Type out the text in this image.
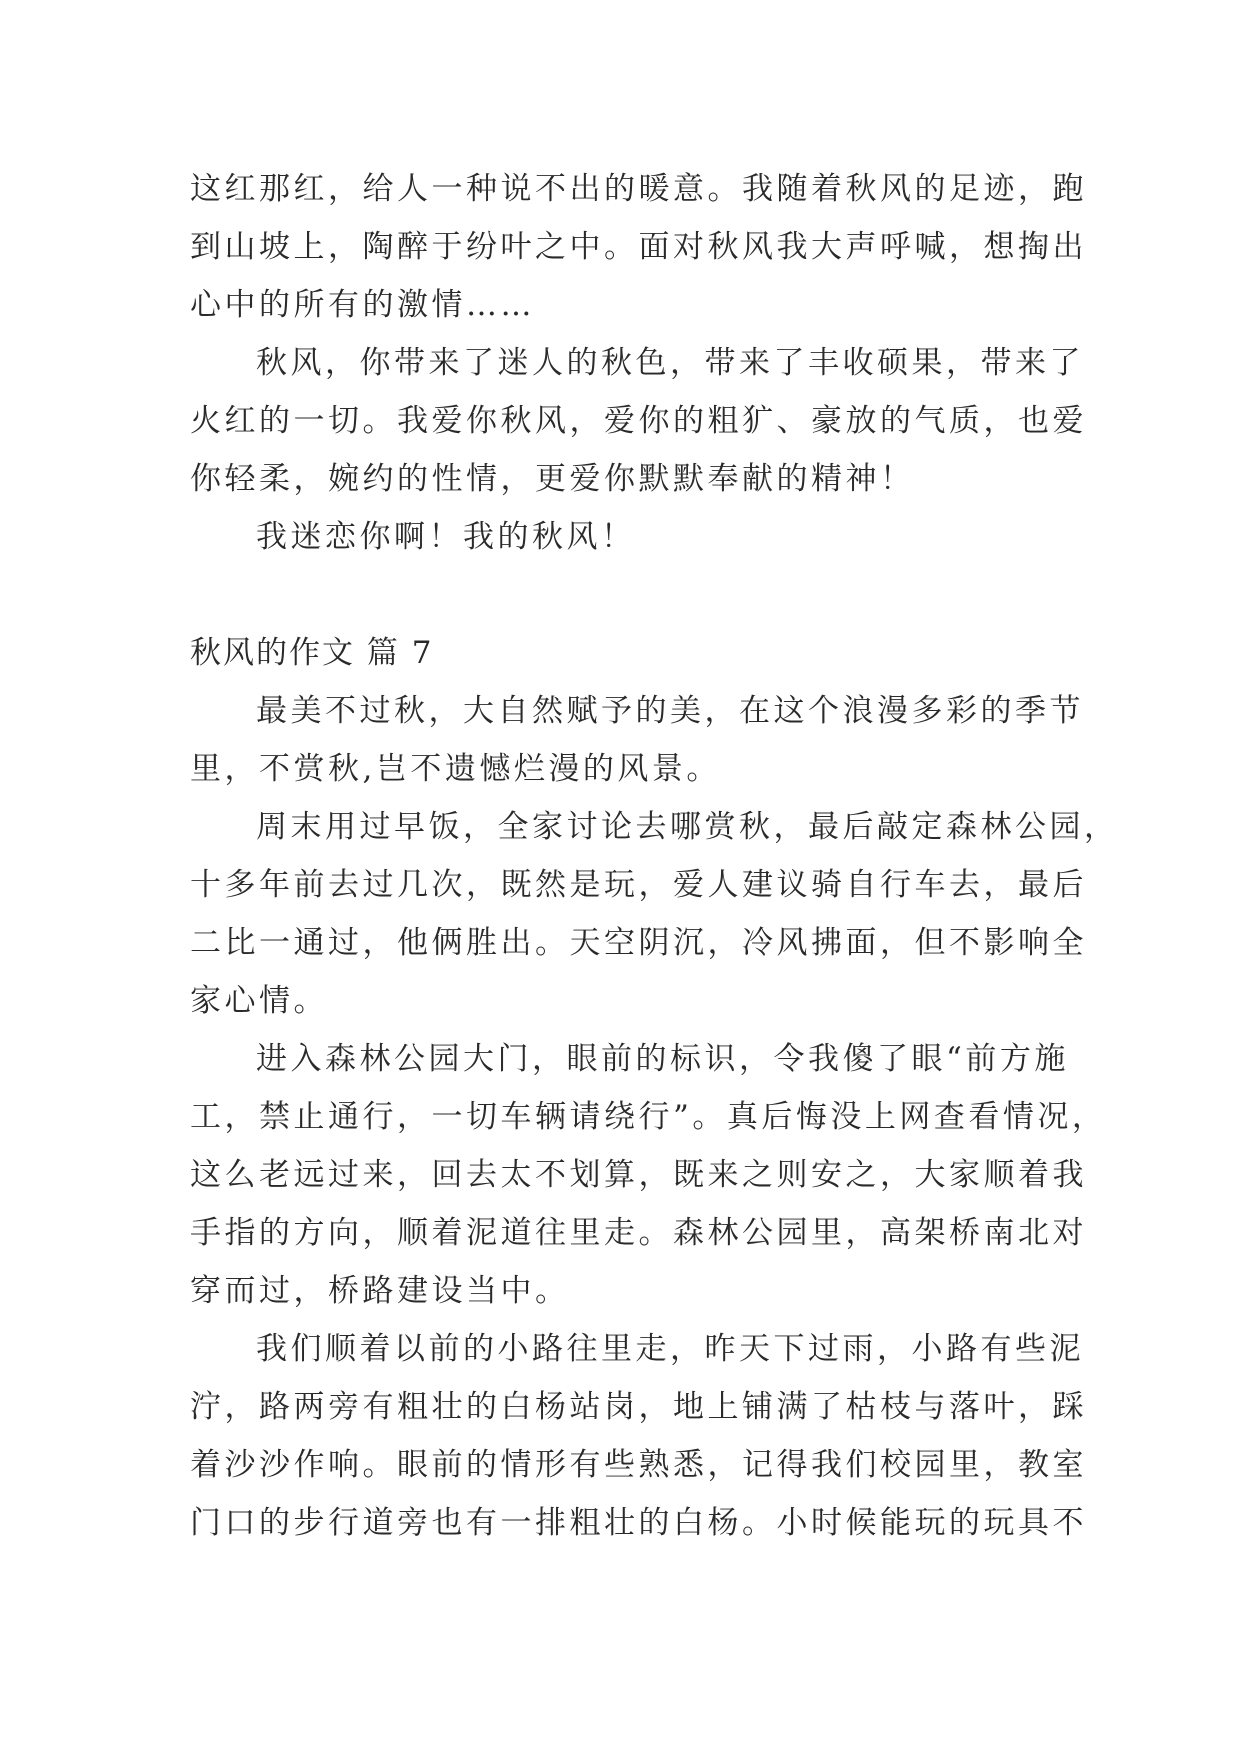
这红那红，给人一种说不出的暖意。我随着秋风的足迹，跑
到山坡上，陶醉于纷叶之中。面对秋风我大声呼喊，想掏出
心中的所有的激情……
秋风，你带来了迷人的秋色，带来了丰收硕果，带来了
火红的一切。我爱你秋风，爱你的粗犷、豪放的气质，也爱
你轻柔，婉约的性情，更爱你默默奉献的精神！
我迷恋你啊！我的秋风！
秋风的作文 篇 7
最美不过秋，大自然赋予的美，在这个浪漫多彩的季节
里，不赏秋,岂不遗憾烂漫的风景。
周末用过早饭，全家讨论去哪赏秋，最后敲定森林公园，
十多年前去过几次，既然是玩，爱人建议骑自行车去，最后
二比一通过，他俩胜出。天空阴沉，冷风拂面，但不影响全
家心情。
进入森林公园大门，眼前的标识，令我傻了眼“前方施
工，禁止通行，一切车辆请绕行”。真后悔没上网查看情况，
这么老远过来，回去太不划算，既来之则安之，大家顺着我
手指的方向，顺着泥道往里走。森林公园里，高架桥南北对
穿而过，桥路建设当中。
我们顺着以前的小路往里走，昨天下过雨，小路有些泥
泞，路两旁有粗壮的白杨站岗，地上铺满了枯枝与落叶，踩
着沙沙作响。眼前的情形有些熟悉，记得我们校园里，教室
门口的步行道旁也有一排粗壮的白杨。小时候能玩的玩具不
